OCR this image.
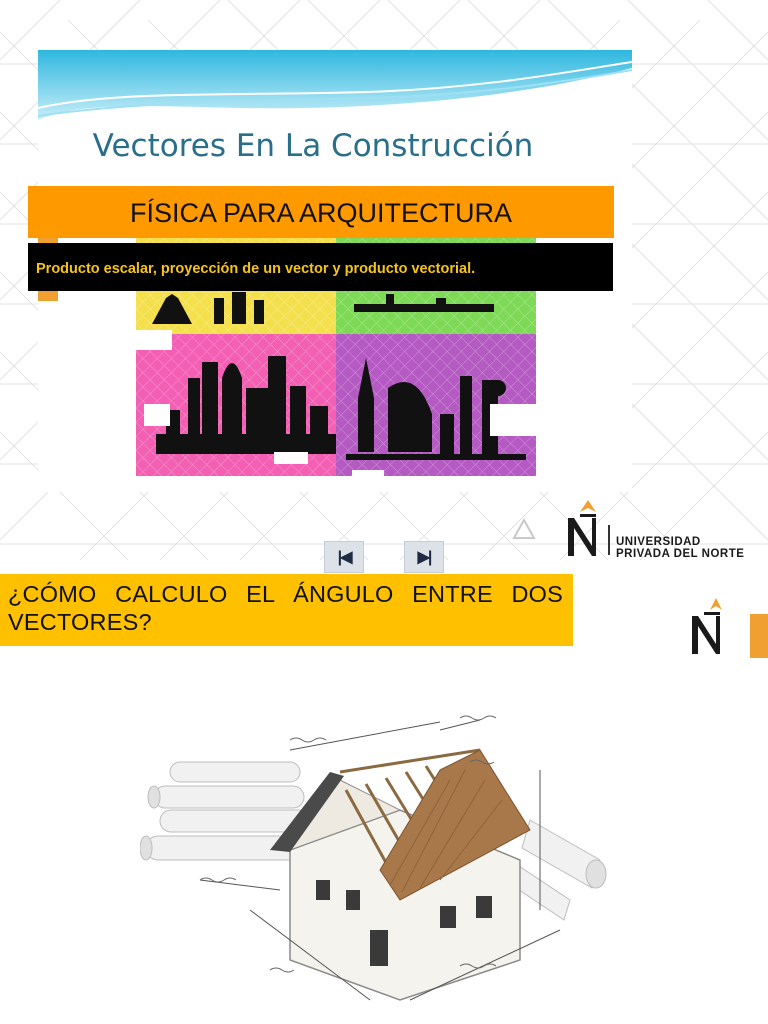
Vectores En La Construcción
FÍSICA PARA ARQUITECTURA
Producto escalar, proyección de un vector y producto vectorial.
|◀	▶|
UNIVERSIDAD
PRIVADA DEL NORTE
¿CÓMO CALCULO EL ÁNGULO ENTRE DOS VECTORES?
